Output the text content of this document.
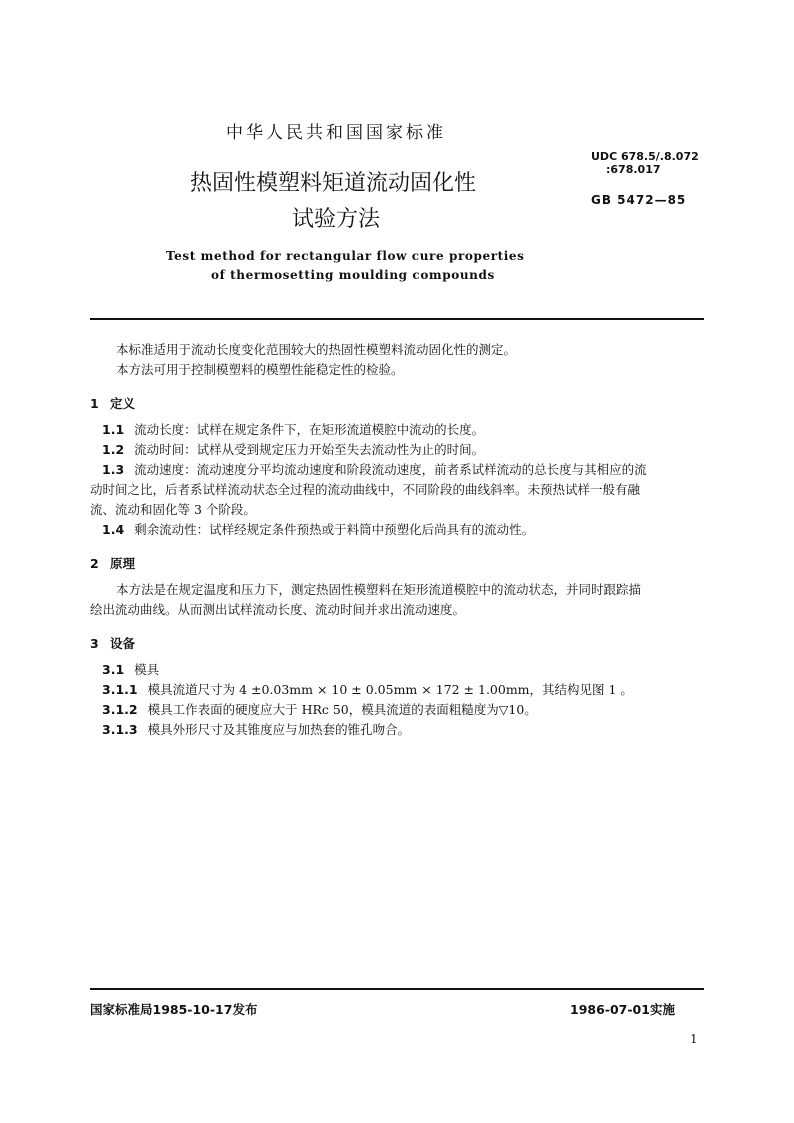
中华人民共和国国家标准
UDC 678.5/.8.072
:678.017
GB 5472—85
热固性模塑料矩道流动固化性
试验方法
Test method for rectangular flow cure properties
of thermosetting moulding compounds

本标准适用于流动长度变化范围较大的热固性模塑料流动固化性的测定。

本方法可用于控制模塑料的模塑性能稳定性的检验。

1 定义

1.1 流动长度：试样在规定条件下，在矩形流道模腔中流动的长度。

1.2 流动时间：试样从受到规定压力开始至失去流动性为止的时间。

1.3 流动速度：流动速度分平均流动速度和阶段流动速度，前者系试样流动的总长度与其相应的流

动时间之比，后者系试样流动状态全过程的流动曲线中，不同阶段的曲线斜率。未预热试样一般有融

流、流动和固化等 3 个阶段。

1.4 剩余流动性：试样经规定条件预热或于料筒中预塑化后尚具有的流动性。

2 原理

本方法是在规定温度和压力下，测定热固性模塑料在矩形流道模腔中的流动状态，并同时跟踪描

绘出流动曲线。从而测出试样流动长度、流动时间并求出流动速度。

3 设备

3.1 模具

3.1.1 模具流道尺寸为 4 ±0.03mm × 10 ± 0.05mm × 172 ± 1.00mm，其结构见图 1 。

3.1.2 模具工作表面的硬度应大于 HRc 50，模具流道的表面粗糙度为▽10。

3.1.3 模具外形尺寸及其锥度应与加热套的锥孔吻合。

国家标准局1985-10-17发布	1986-07-01实施
1
